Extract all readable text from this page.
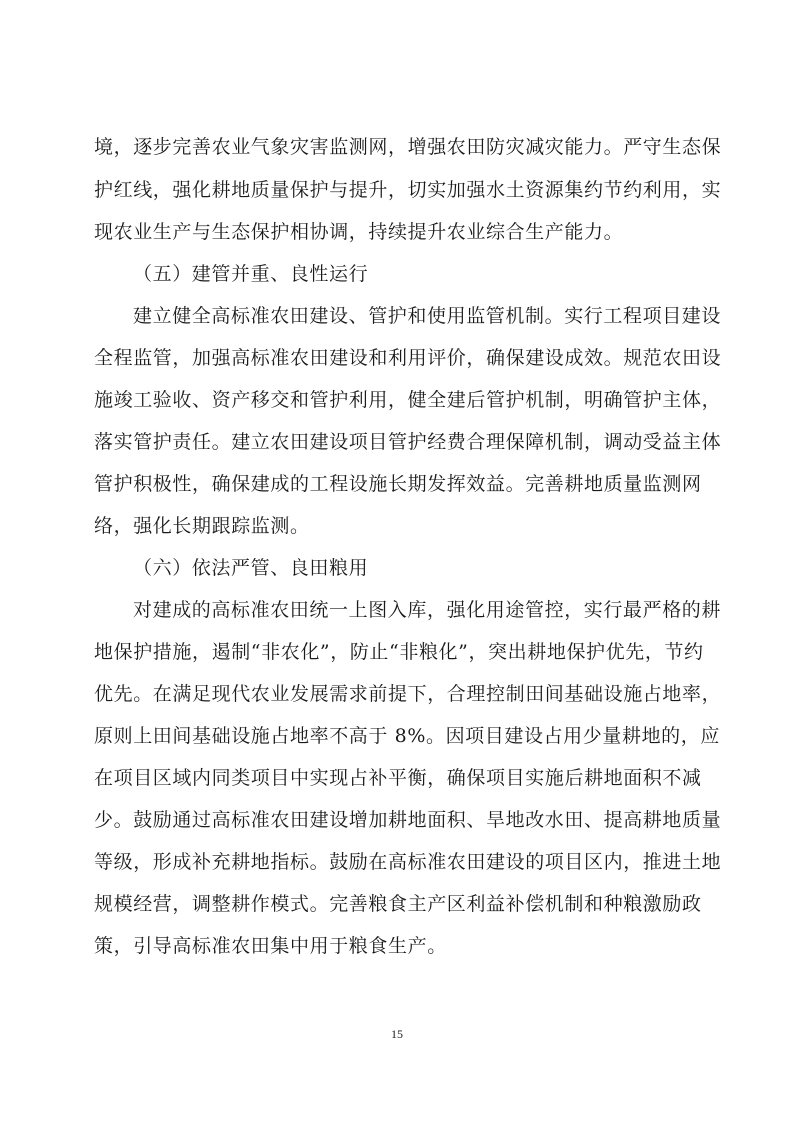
境，逐步完善农业气象灾害监测网，增强农田防灾减灾能力。严守生态保
护红线，强化耕地质量保护与提升，切实加强水土资源集约节约利用，实
现农业生产与生态保护相协调，持续提升农业综合生产能力。
（五）建管并重、良性运行
建立健全高标准农田建设、管护和使用监管机制。实行工程项目建设
全程监管，加强高标准农田建设和利用评价，确保建设成效。规范农田设
施竣工验收、资产移交和管护利用，健全建后管护机制，明确管护主体，
落实管护责任。建立农田建设项目管护经费合理保障机制，调动受益主体
管护积极性，确保建成的工程设施长期发挥效益。完善耕地质量监测网
络，强化长期跟踪监测。
（六）依法严管、良田粮用
对建成的高标准农田统一上图入库，强化用途管控，实行最严格的耕
地保护措施，遏制“非农化”，防止“非粮化”，突出耕地保护优先，节约
优先。在满足现代农业发展需求前提下，合理控制田间基础设施占地率，
原则上田间基础设施占地率不高于 8%。因项目建设占用少量耕地的，应
在项目区域内同类项目中实现占补平衡，确保项目实施后耕地面积不减
少。鼓励通过高标准农田建设增加耕地面积、旱地改水田、提高耕地质量
等级，形成补充耕地指标。鼓励在高标准农田建设的项目区内，推进土地
规模经营，调整耕作模式。完善粮食主产区利益补偿机制和种粮激励政
策，引导高标准农田集中用于粮食生产。
15
